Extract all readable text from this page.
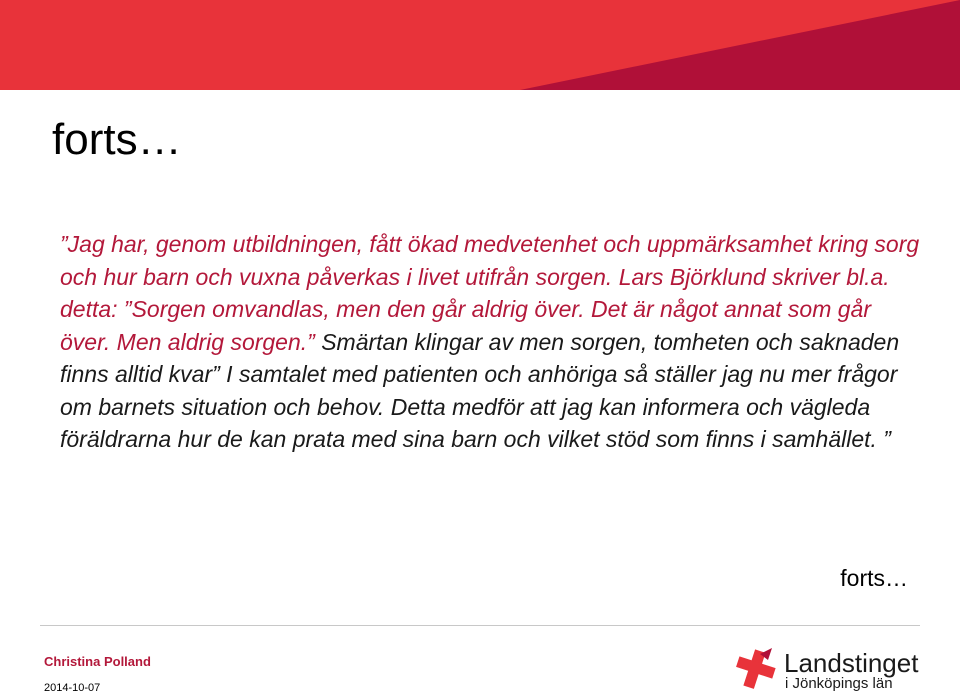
forts…
”Jag har, genom utbildningen, fått ökad medvetenhet och uppmärksamhet kring sorg och hur barn och vuxna påverkas i livet utifrån sorgen. Lars Björklund skriver bl.a. detta: ”Sorgen omvandlas, men den går aldrig över. Det är något annat som går över. Men aldrig sorgen.” Smärtan klingar av men sorgen, tomheten och saknaden finns alltid kvar” I samtalet med patienten och anhöriga så ställer jag nu mer frågor om barnets situation och behov. Detta medför att jag kan informera och vägleda föräldrarna hur de kan prata med sina barn och vilket stöd som finns i samhället. ”
forts…
Christina Polland
2014-10-07
Landstinget
i Jönköpings län
